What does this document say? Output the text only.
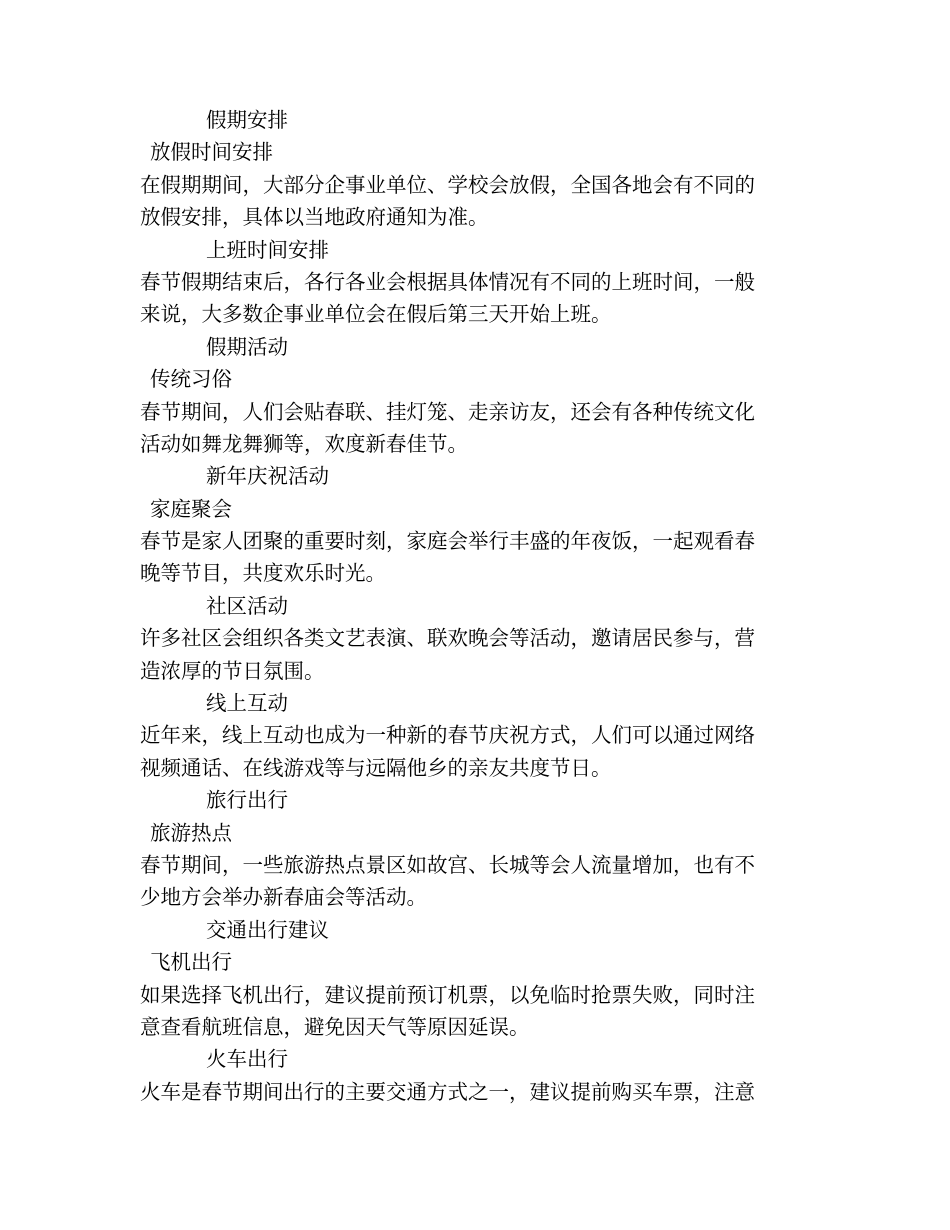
假期安排
放假时间安排
在假期期间，大部分企事业单位、学校会放假，全国各地会有不同的
放假安排，具体以当地政府通知为准。
上班时间安排
春节假期结束后，各行各业会根据具体情况有不同的上班时间，一般
来说，大多数企事业单位会在假后第三天开始上班。
假期活动
传统习俗
春节期间，人们会贴春联、挂灯笼、走亲访友，还会有各种传统文化
活动如舞龙舞狮等，欢度新春佳节。
新年庆祝活动
家庭聚会
春节是家人团聚的重要时刻，家庭会举行丰盛的年夜饭，一起观看春
晚等节目，共度欢乐时光。
社区活动
许多社区会组织各类文艺表演、联欢晚会等活动，邀请居民参与，营
造浓厚的节日氛围。
线上互动
近年来，线上互动也成为一种新的春节庆祝方式，人们可以通过网络
视频通话、在线游戏等与远隔他乡的亲友共度节日。
旅行出行
旅游热点
春节期间，一些旅游热点景区如故宫、长城等会人流量增加，也有不
少地方会举办新春庙会等活动。
交通出行建议
飞机出行
如果选择飞机出行，建议提前预订机票，以免临时抢票失败，同时注
意查看航班信息，避免因天气等原因延误。
火车出行
火车是春节期间出行的主要交通方式之一，建议提前购买车票，注意
